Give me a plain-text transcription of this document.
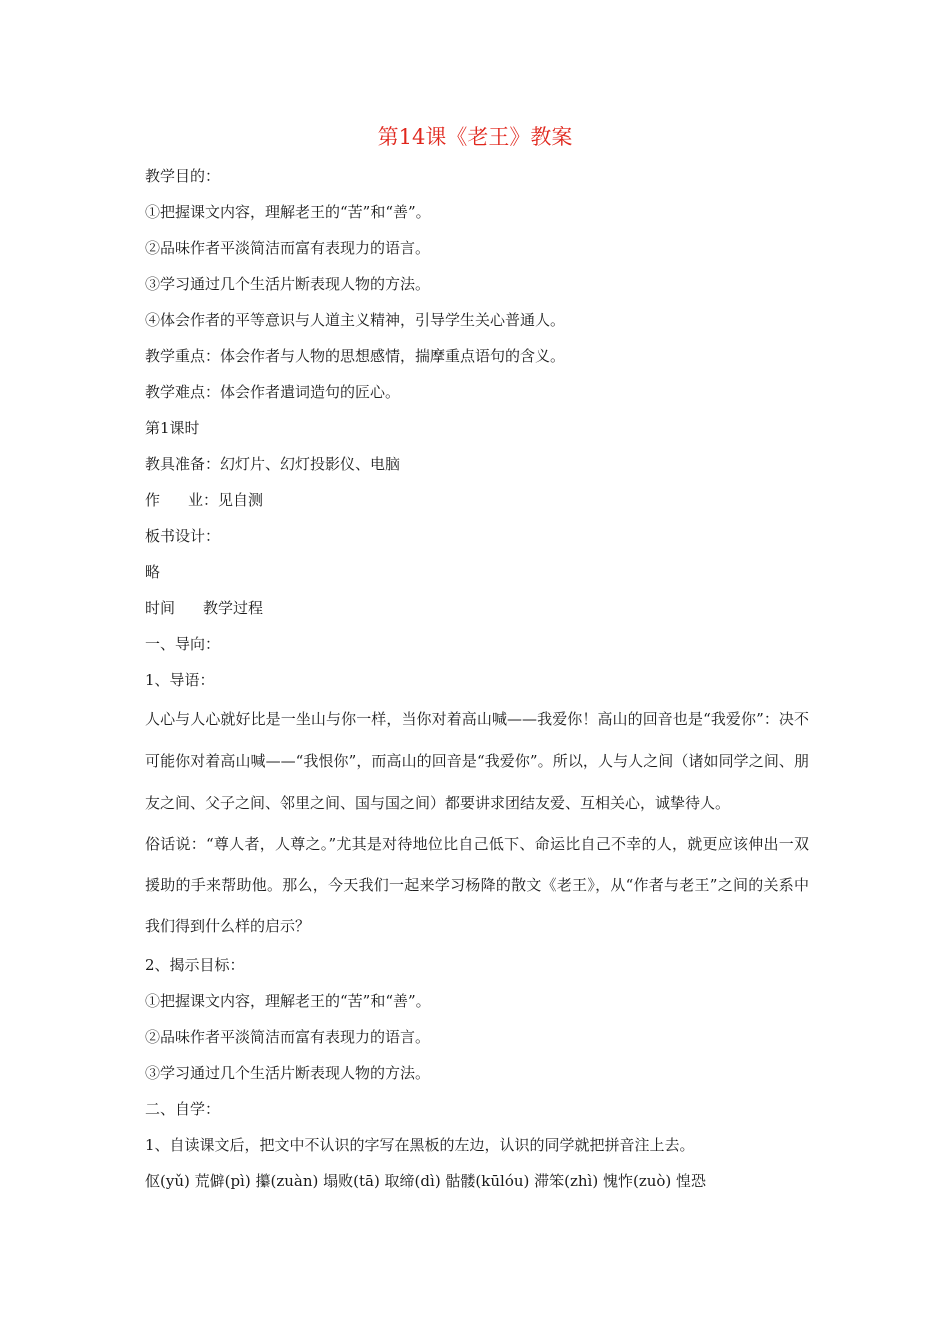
第14课《老王》教案
教学目的：
①把握课文内容，理解老王的“苦”和“善”。
②品味作者平淡简洁而富有表现力的语言。
③学习通过几个生活片断表现人物的方法。
④体会作者的平等意识与人道主义精神，引导学生关心普通人。
教学重点：体会作者与人物的思想感情，揣摩重点语句的含义。
教学难点：体会作者遣词造句的匠心。
第1课时
教具准备：幻灯片、幻灯投影仪、电脑
作 业：见自测
板书设计：
略
时间 教学过程
一、导向：
1、导语：
人心与人心就好比是一坐山与你一样，当你对着高山喊——我爱你！高山的回音也是“我爱你”：决不可能你对着高山喊——“我恨你”，而高山的回音是“我爱你”。所以，人与人之间（诸如同学之间、朋友之间、父子之间、邻里之间、国与国之间）都要讲求团结友爱、互相关心，诚挚待人。
俗话说：“尊人者，人尊之。”尤其是对待地位比自己低下、命运比自己不幸的人，就更应该伸出一双援助的手来帮助他。那么，今天我们一起来学习杨降的散文《老王》，从“作者与老王”之间的关系中我们得到什么样的启示？
2、揭示目标：
①把握课文内容，理解老王的“苦”和“善”。
②品味作者平淡简洁而富有表现力的语言。
③学习通过几个生活片断表现人物的方法。
二、自学：
1、自读课文后，把文中不认识的字写在黑板的左边，认识的同学就把拼音注上去。
伛(yǔ) 荒僻(pì) 攥(zuàn) 塌败(tā) 取缔(dì) 骷髅(kūlóu) 滞笨(zhì) 愧怍(zuò) 惶恐
